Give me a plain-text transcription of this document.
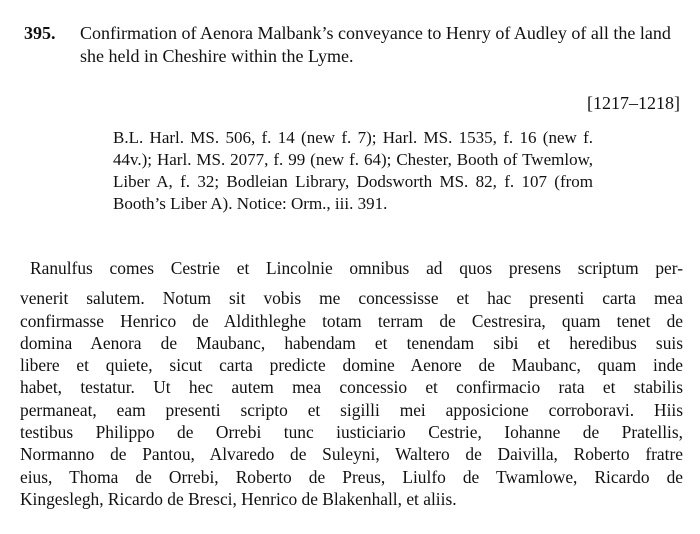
395. Confirmation of Aenora Malbank’s conveyance to Henry of Audley of all the land she held in Cheshire within the Lyme.
[1217–1218]
B.L. Harl. MS. 506, f. 14 (new f. 7); Harl. MS. 1535, f. 16 (new f. 44v.); Harl. MS. 2077, f. 99 (new f. 64); Chester, Booth of Twemlow, Liber A, f. 32; Bodleian Library, Dodsworth MS. 82, f. 107 (from Booth’s Liber A). Notice: Orm., iii. 391.
Ranulfus comes Cestrie et Lincolnie omnibus ad quos presens scriptum per-
venerit salutem. Notum sit vobis me concessisse et hac presenti carta mea
confirmasse Henrico de Aldithleghe totam terram de Cestresira, quam tenet de
domina Aenora de Maubanc, habendam et tenendam sibi et heredibus suis
libere et quiete, sicut carta predicte domine Aenore de Maubanc, quam inde
habet, testatur. Ut hec autem mea concessio et confirmacio rata et stabilis
permaneat, eam presenti scripto et sigilli mei apposicione corroboravi. Hiis
testibus Philippo de Orrebi tunc iusticiario Cestrie, Iohanne de Pratellis,
Normanno de Pantou, Alvaredo de Suleyni, Waltero de Daivilla, Roberto fratre
eius, Thoma de Orrebi, Roberto de Preus, Liulfo de Twamlowe, Ricardo de
Kingeslegh, Ricardo de Bresci, Henrico de Blakenhall, et aliis.
